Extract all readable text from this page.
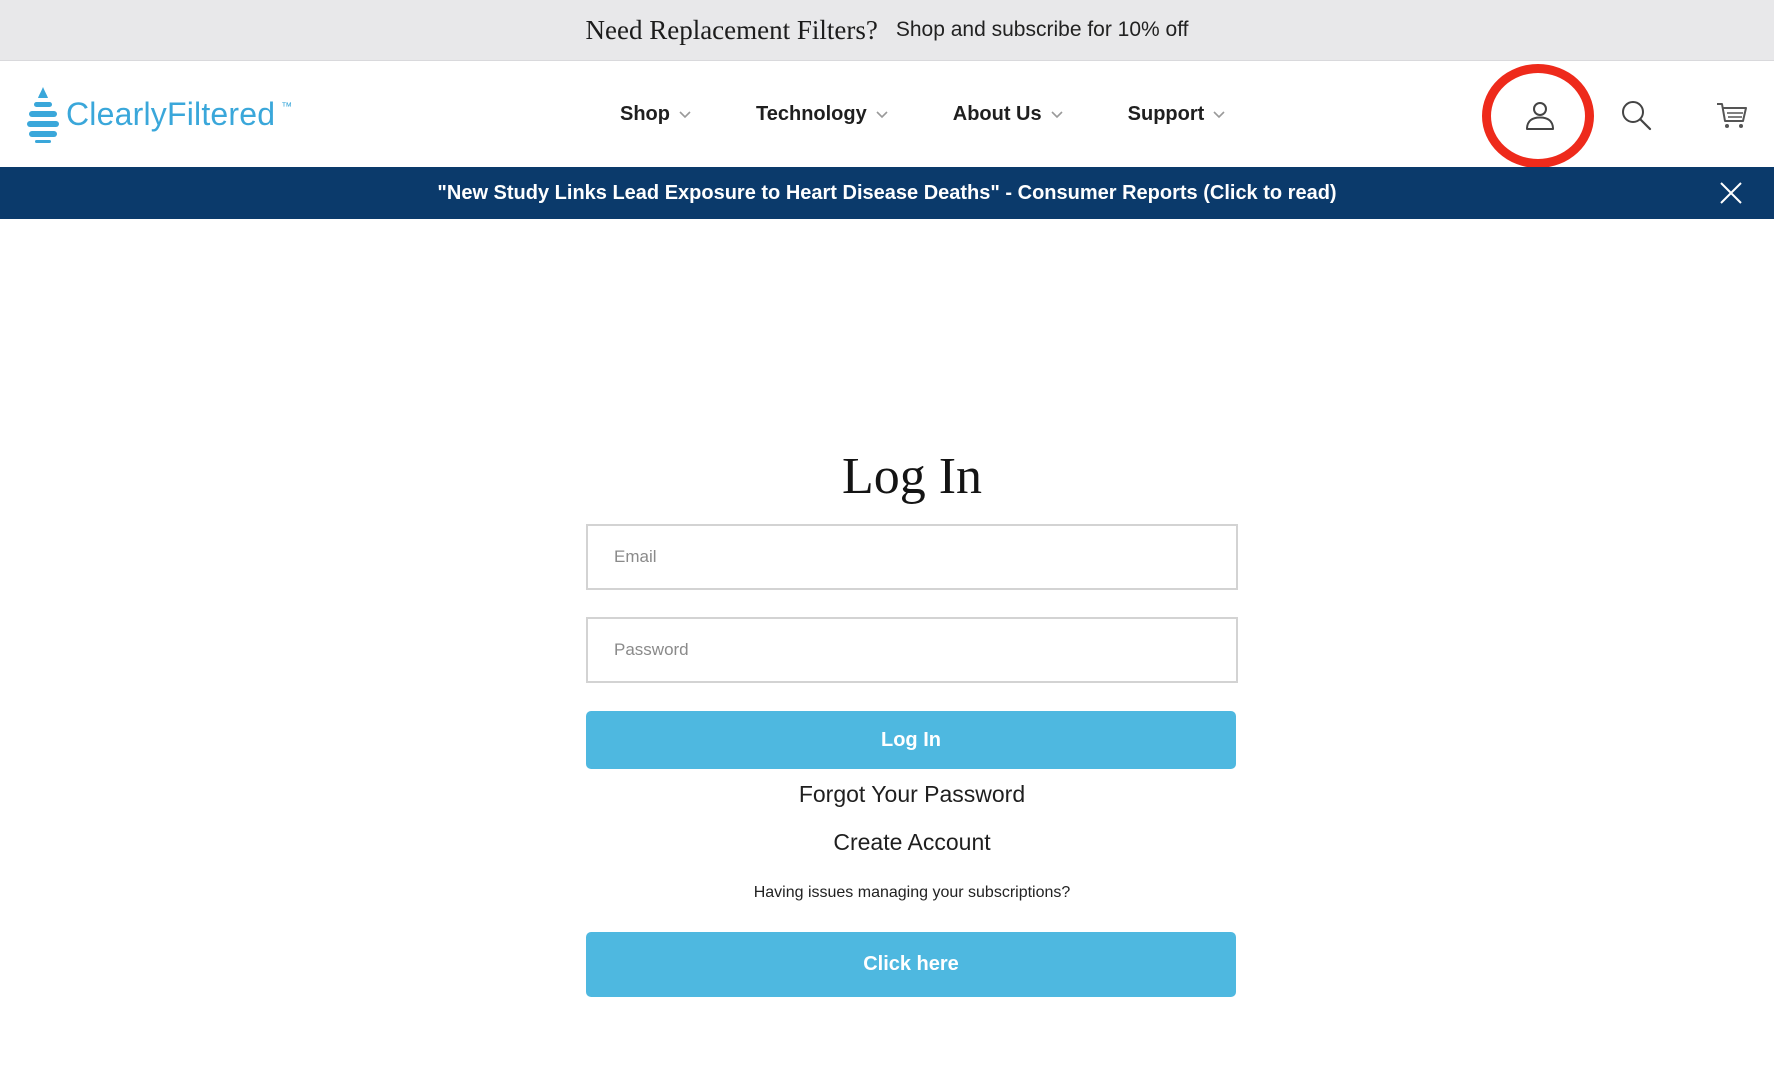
Need Replacement Filters? Shop and subscribe for 10% off
ClearlyFiltered ™	Shop	Technology	About Us	Support
"New Study Links Lead Exposure to Heart Disease Deaths" - Consumer Reports (Click to read)
Log In
Email
Log In
Forgot Your Password
Create Account
Having issues managing your subscriptions?
Click here
